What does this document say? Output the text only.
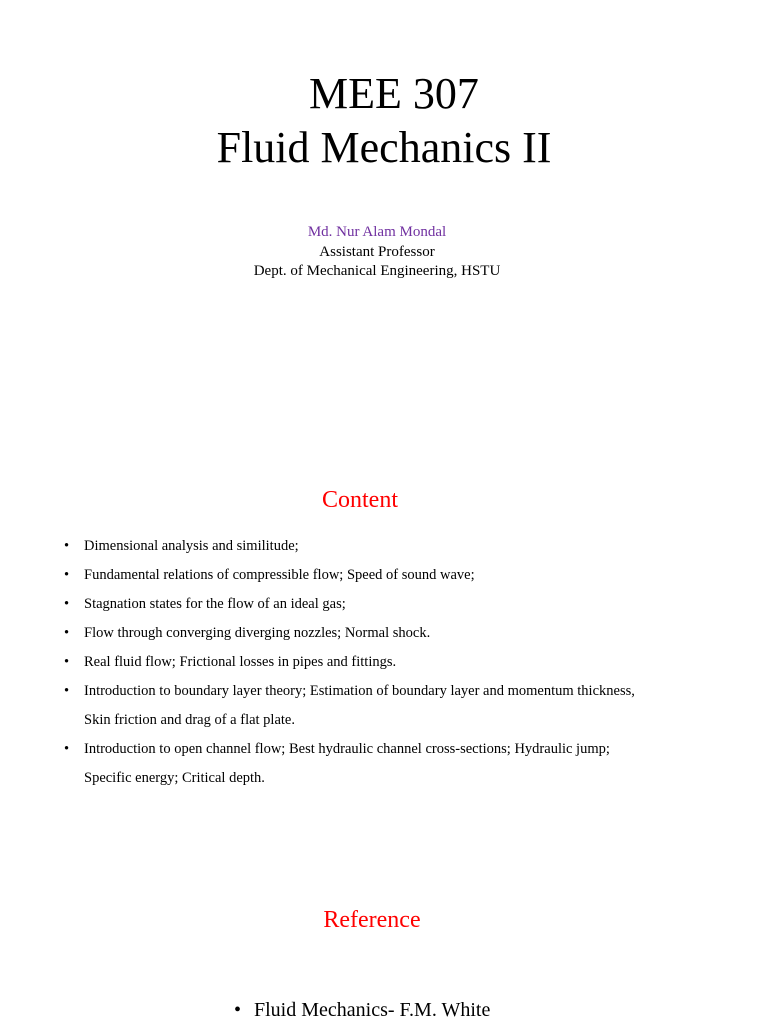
MEE 307
Fluid Mechanics II
Md. Nur Alam Mondal
Assistant Professor
Dept. of Mechanical Engineering, HSTU
Content
• Dimensional analysis and similitude;
• Fundamental relations of compressible flow; Speed of sound wave;
• Stagnation states for the flow of an ideal gas;
• Flow through converging diverging nozzles; Normal shock.
• Real fluid flow; Frictional losses in pipes and fittings.
• Introduction to boundary layer theory; Estimation of boundary layer and momentum thickness,
Skin friction and drag of a flat plate.
• Introduction to open channel flow; Best hydraulic channel cross-sections; Hydraulic jump;
Specific energy; Critical depth.
Reference
• Fluid Mechanics- F.M. White
